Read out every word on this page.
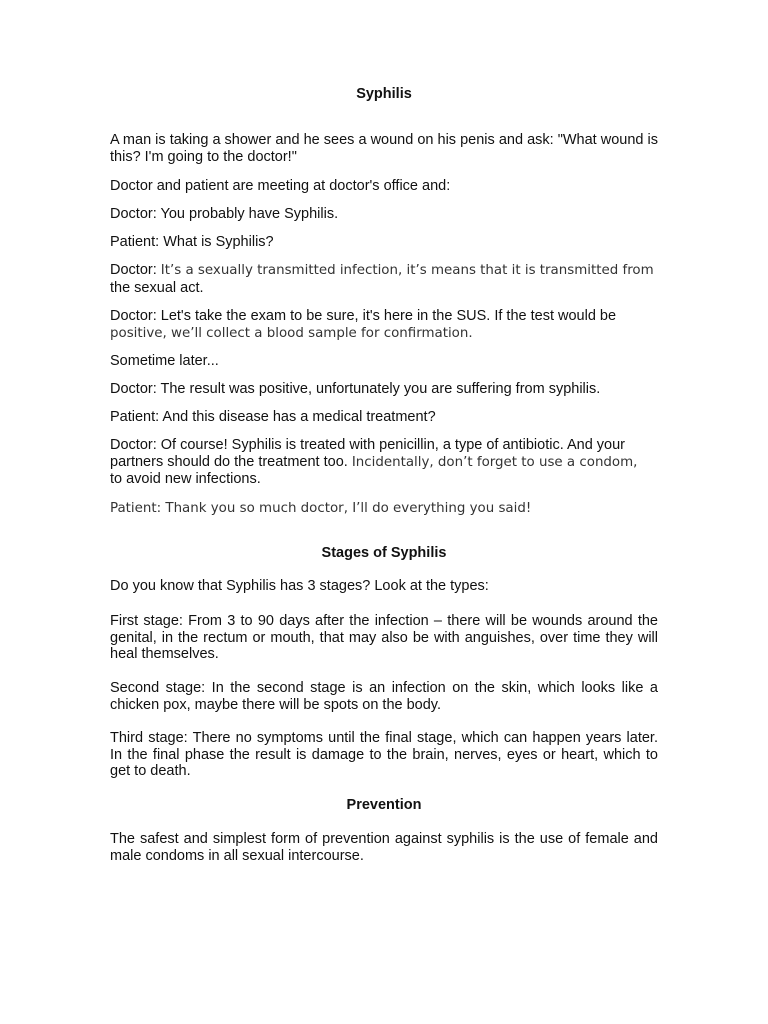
Syphilis

A man is taking a shower and he sees a wound on his penis and ask: "What wound is this? I'm going to the doctor!"

Doctor and patient are meeting at doctor's office and:

Doctor: You probably have Syphilis.

Patient: What is Syphilis?

Doctor: It’s a sexually transmitted infection, it’s means that it is transmitted from
the sexual act.

Doctor: Let's take the exam to be sure, it's here in the SUS. If the test would be
positive, we’ll collect a blood sample for confirmation.

Sometime later...

Doctor: The result was positive, unfortunately you are suffering from syphilis.

Patient: And this disease has a medical treatment?

Doctor: Of course! Syphilis is treated with penicillin, a type of antibiotic. And your
partners should do the treatment too. Incidentally, don’t forget to use a condom,
to avoid new infections.

Patient: Thank you so much doctor, I’ll do everything you said!

Stages of Syphilis

Do you know that Syphilis has 3 stages? Look at the types:

First stage: From 3 to 90 days after the infection – there will be wounds around the genital, in the rectum or mouth, that may also be with anguishes, over time they will heal themselves.

Second stage: In the second stage is an infection on the skin, which looks like a chicken pox, maybe there will be spots on the body.

Third stage: There no symptoms until the final stage, which can happen years later. In the final phase the result is damage to the brain, nerves, eyes or heart, which to get to death.

Prevention

The safest and simplest form of prevention against syphilis is the use of female and male condoms in all sexual intercourse.
